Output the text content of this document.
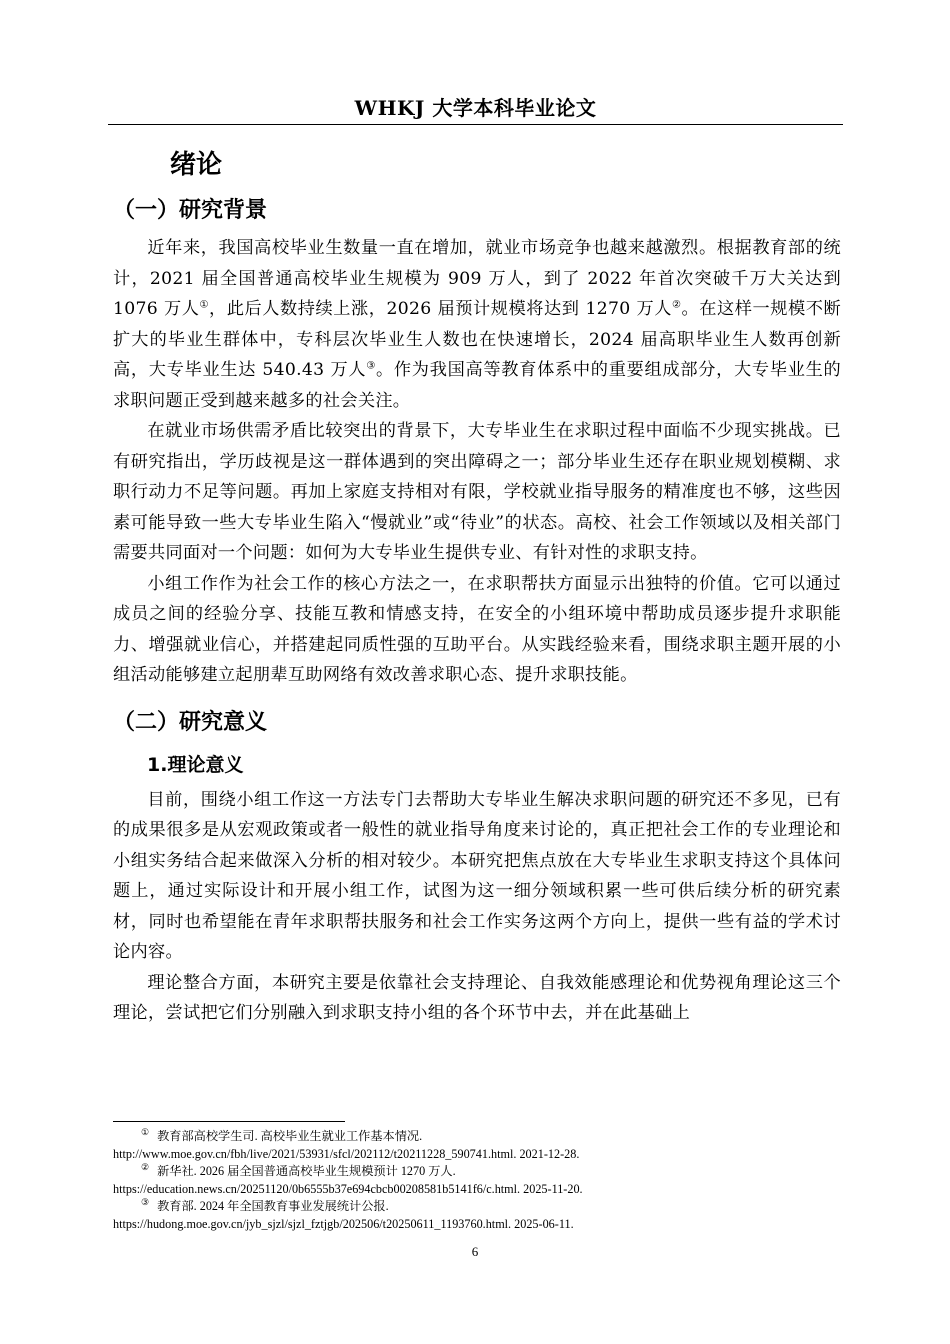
WHKJ 大学本科毕业论文
绪论
（一）研究背景

近年来，我国高校毕业生数量一直在增加，就业市场竞争也越来越激烈。根据教育部的统计，2021 届全国普通高校毕业生规模为 909 万人，到了 2022 年首次突破千万大关达到 1076 万人①，此后人数持续上涨，2026 届预计规模将达到 1270 万人②。在这样一规模不断扩大的毕业生群体中，专科层次毕业生人数也在快速增长，2024 届高职毕业生人数再创新高，大专毕业生达 540.43 万人③。作为我国高等教育体系中的重要组成部分，大专毕业生的求职问题正受到越来越多的社会关注。

在就业市场供需矛盾比较突出的背景下，大专毕业生在求职过程中面临不少现实挑战。已有研究指出，学历歧视是这一群体遇到的突出障碍之一；部分毕业生还存在职业规划模糊、求职行动力不足等问题。再加上家庭支持相对有限，学校就业指导服务的精准度也不够，这些因素可能导致一些大专毕业生陷入“慢就业”或“待业”的状态。高校、社会工作领域以及相关部门需要共同面对一个问题：如何为大专毕业生提供专业、有针对性的求职支持。

小组工作作为社会工作的核心方法之一，在求职帮扶方面显示出独特的价值。它可以通过成员之间的经验分享、技能互教和情感支持，在安全的小组环境中帮助成员逐步提升求职能力、增强就业信心，并搭建起同质性强的互助平台。从实践经验来看，围绕求职主题开展的小组活动能够建立起朋辈互助网络有效改善求职心态、提升求职技能。

（二）研究意义
1.理论意义

目前，围绕小组工作这一方法专门去帮助大专毕业生解决求职问题的研究还不多见，已有的成果很多是从宏观政策或者一般性的就业指导角度来讨论的，真正把社会工作的专业理论和小组实务结合起来做深入分析的相对较少。本研究把焦点放在大专毕业生求职支持这个具体问题上，通过实际设计和开展小组工作，试图为这一细分领域积累一些可供后续分析的研究素材，同时也希望能在青年求职帮扶服务和社会工作实务这两个方向上，提供一些有益的学术讨论内容。

理论整合方面，本研究主要是依靠社会支持理论、自我效能感理论和优势视角理论这三个理论，尝试把它们分别融入到求职支持小组的各个环节中去，并在此基础上

① 教育部高校学生司. 高校毕业生就业工作基本情况.
http://www.moe.gov.cn/fbh/live/2021/53931/sfcl/202112/t20211228_590741.html. 2021-12-28.
② 新华社. 2026 届全国普通高校毕业生规模预计 1270 万人.
https://education.news.cn/20251120/0b6555b37e694cbcb00208581b5141f6/c.html. 2025-11-20.
③ 教育部. 2024 年全国教育事业发展统计公报.
https://hudong.moe.gov.cn/jyb_sjzl/sjzl_fztjgb/202506/t20250611_1193760.html. 2025-06-11.
6
